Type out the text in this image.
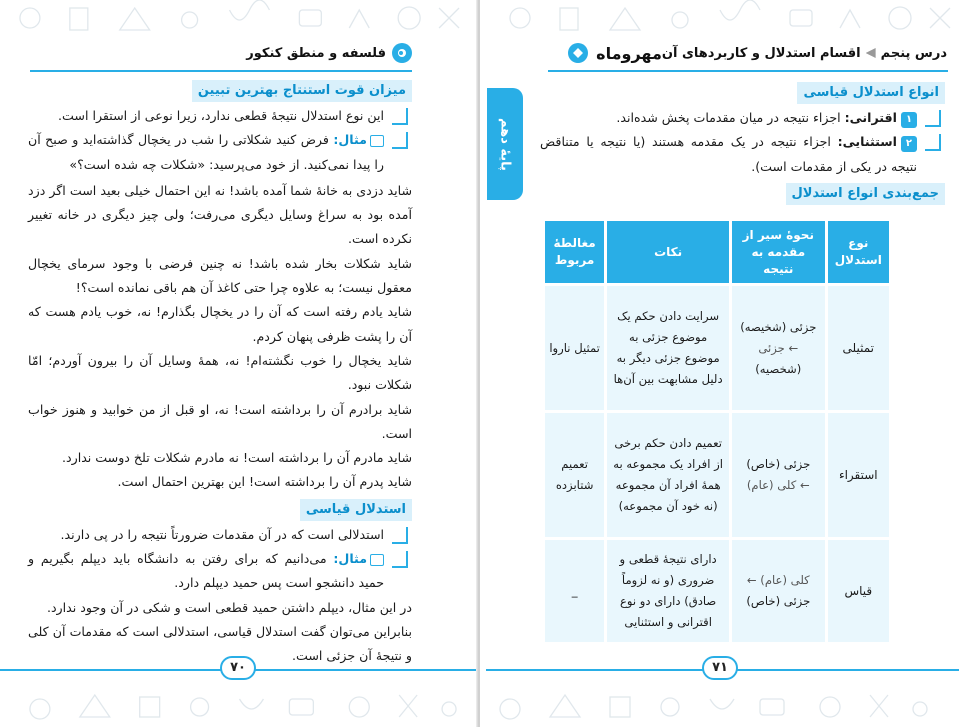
فلسفه و منطق کنکور
میزان قوت استنتاج بهترین تبیین

این نوع استدلال نتیجهٔ قطعی ندارد، زیرا نوعی از استقرا است.

مثال: فرض کنید شکلاتی را شب در یخچال گذاشته‌اید و صبح آن را پیدا نمی‌کنید. از خود می‌پرسید: «شکلات چه شده است؟»

شاید دزدی به خانهٔ شما آمده باشد! نه این احتمال خیلی بعید است اگر دزد آمده بود به سراغ وسایل دیگری می‌رفت؛ ولی چیز دیگری در خانه تغییر نکرده است.

شاید شکلات بخار شده باشد! نه چنین فرضی با وجود سرمای یخچال معقول نیست؛ به علاوه چرا حتی کاغذ آن هم باقی نمانده است؟!

شاید یادم رفته است که آن را در یخچال بگذارم! نه، خوب یادم هست که آن را پشت ظرفی پنهان کردم.

شاید یخچال را خوب نگشته‌ام! نه، همهٔ وسایل آن را بیرون آوردم؛ امّا شکلات نبود.

شاید برادرم آن را برداشته است! نه، او قبل از من خوابید و هنوز خواب است.

شاید مادرم آن را برداشته است! نه مادرم شکلات تلخ دوست ندارد.

شاید پدرم آن را برداشته است! این بهترین احتمال است.

استدلال قیاسی

استدلالی است که در آن مقدمات ضرورتاً نتیجه را در پی دارند.

مثال: می‌دانیم که برای رفتن به دانشگاه باید دیپلم بگیریم و حمید دانشجو است پس حمید دیپلم دارد.

در این مثال، دیپلم داشتن حمید قطعی است و شکی در آن وجود ندارد.

بنابراین می‌توان گفت استدلال قیاسی، استدلالی است که مقدمات آن کلی و نتیجهٔ آن جزئی است.

۷۰
درس پنجم
اقسام استدلال و کاربردهای آن
مهروماه
پایهٔ دهم
انواع استدلال قیاسی

۱اقترانی: اجزاء نتیجه در میان مقدمات پخش شده‌اند.

۲استثنایی: اجزاء نتیجه در یک مقدمه هستند (یا نتیجه یا متناقض نتیجه در یکی از مقدمات است).

جمع‌بندی انواع استدلال
نوع استدلال	نحوهٔ سیر از مقدمه به نتیجه	نکات	مغالطهٔ مربوط
تمثیلی	جزئی (شخیصه)
← جزئی
(شخصیه)	سرایت دادن حکم یک موضوع جزئی به موضوع جزئی دیگر به دلیل مشابهت بین آن‌ها	تمثیل ناروا
استقراء	جزئی (خاص)
← کلی (عام)	تعمیم دادن حکم برخی از افراد یک مجموعه به همهٔ افراد آن مجموعه (نه خود آن مجموعه)	تعمیم شتابزده
قیاس	کلی (عام) ←
جزئی (خاص)	دارای نتیجهٔ قطعی و ضروری (و نه لزوماً صادق) دارای دو نوع اقترانی و استثنایی	_
۷۱
